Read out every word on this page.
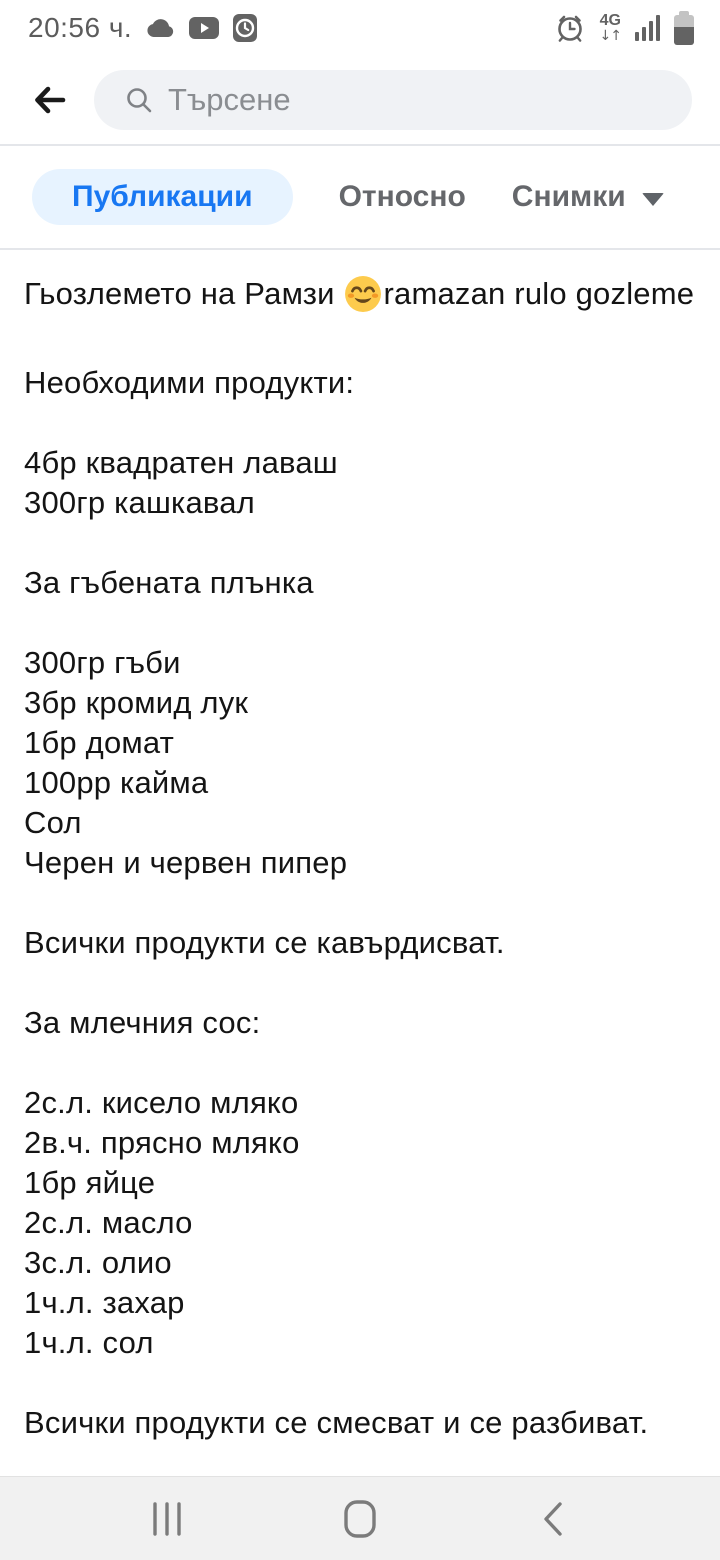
20:56 ч.	4G
↓↑
Търсене
Публикации	Относно Снимки
Гьозлемето на Рамзи ramazan rulo gozleme
Необходими продукти:
4бр квадратен лаваш
300гр кашкавал
За гъбената плънка
300гр гъби
3бр кромид лук
1бр домат
100рр кайма
Сол
Черен и червен пипер
Всички продукти се кавърдисват.
За млечния сос:
2с.л. кисело мляко
2в.ч. прясно мляко
1бр яйце
2с.л. масло
3с.л. олио
1ч.л. захар
1ч.л. сол
Всички продукти се смесват и се разбиват.
